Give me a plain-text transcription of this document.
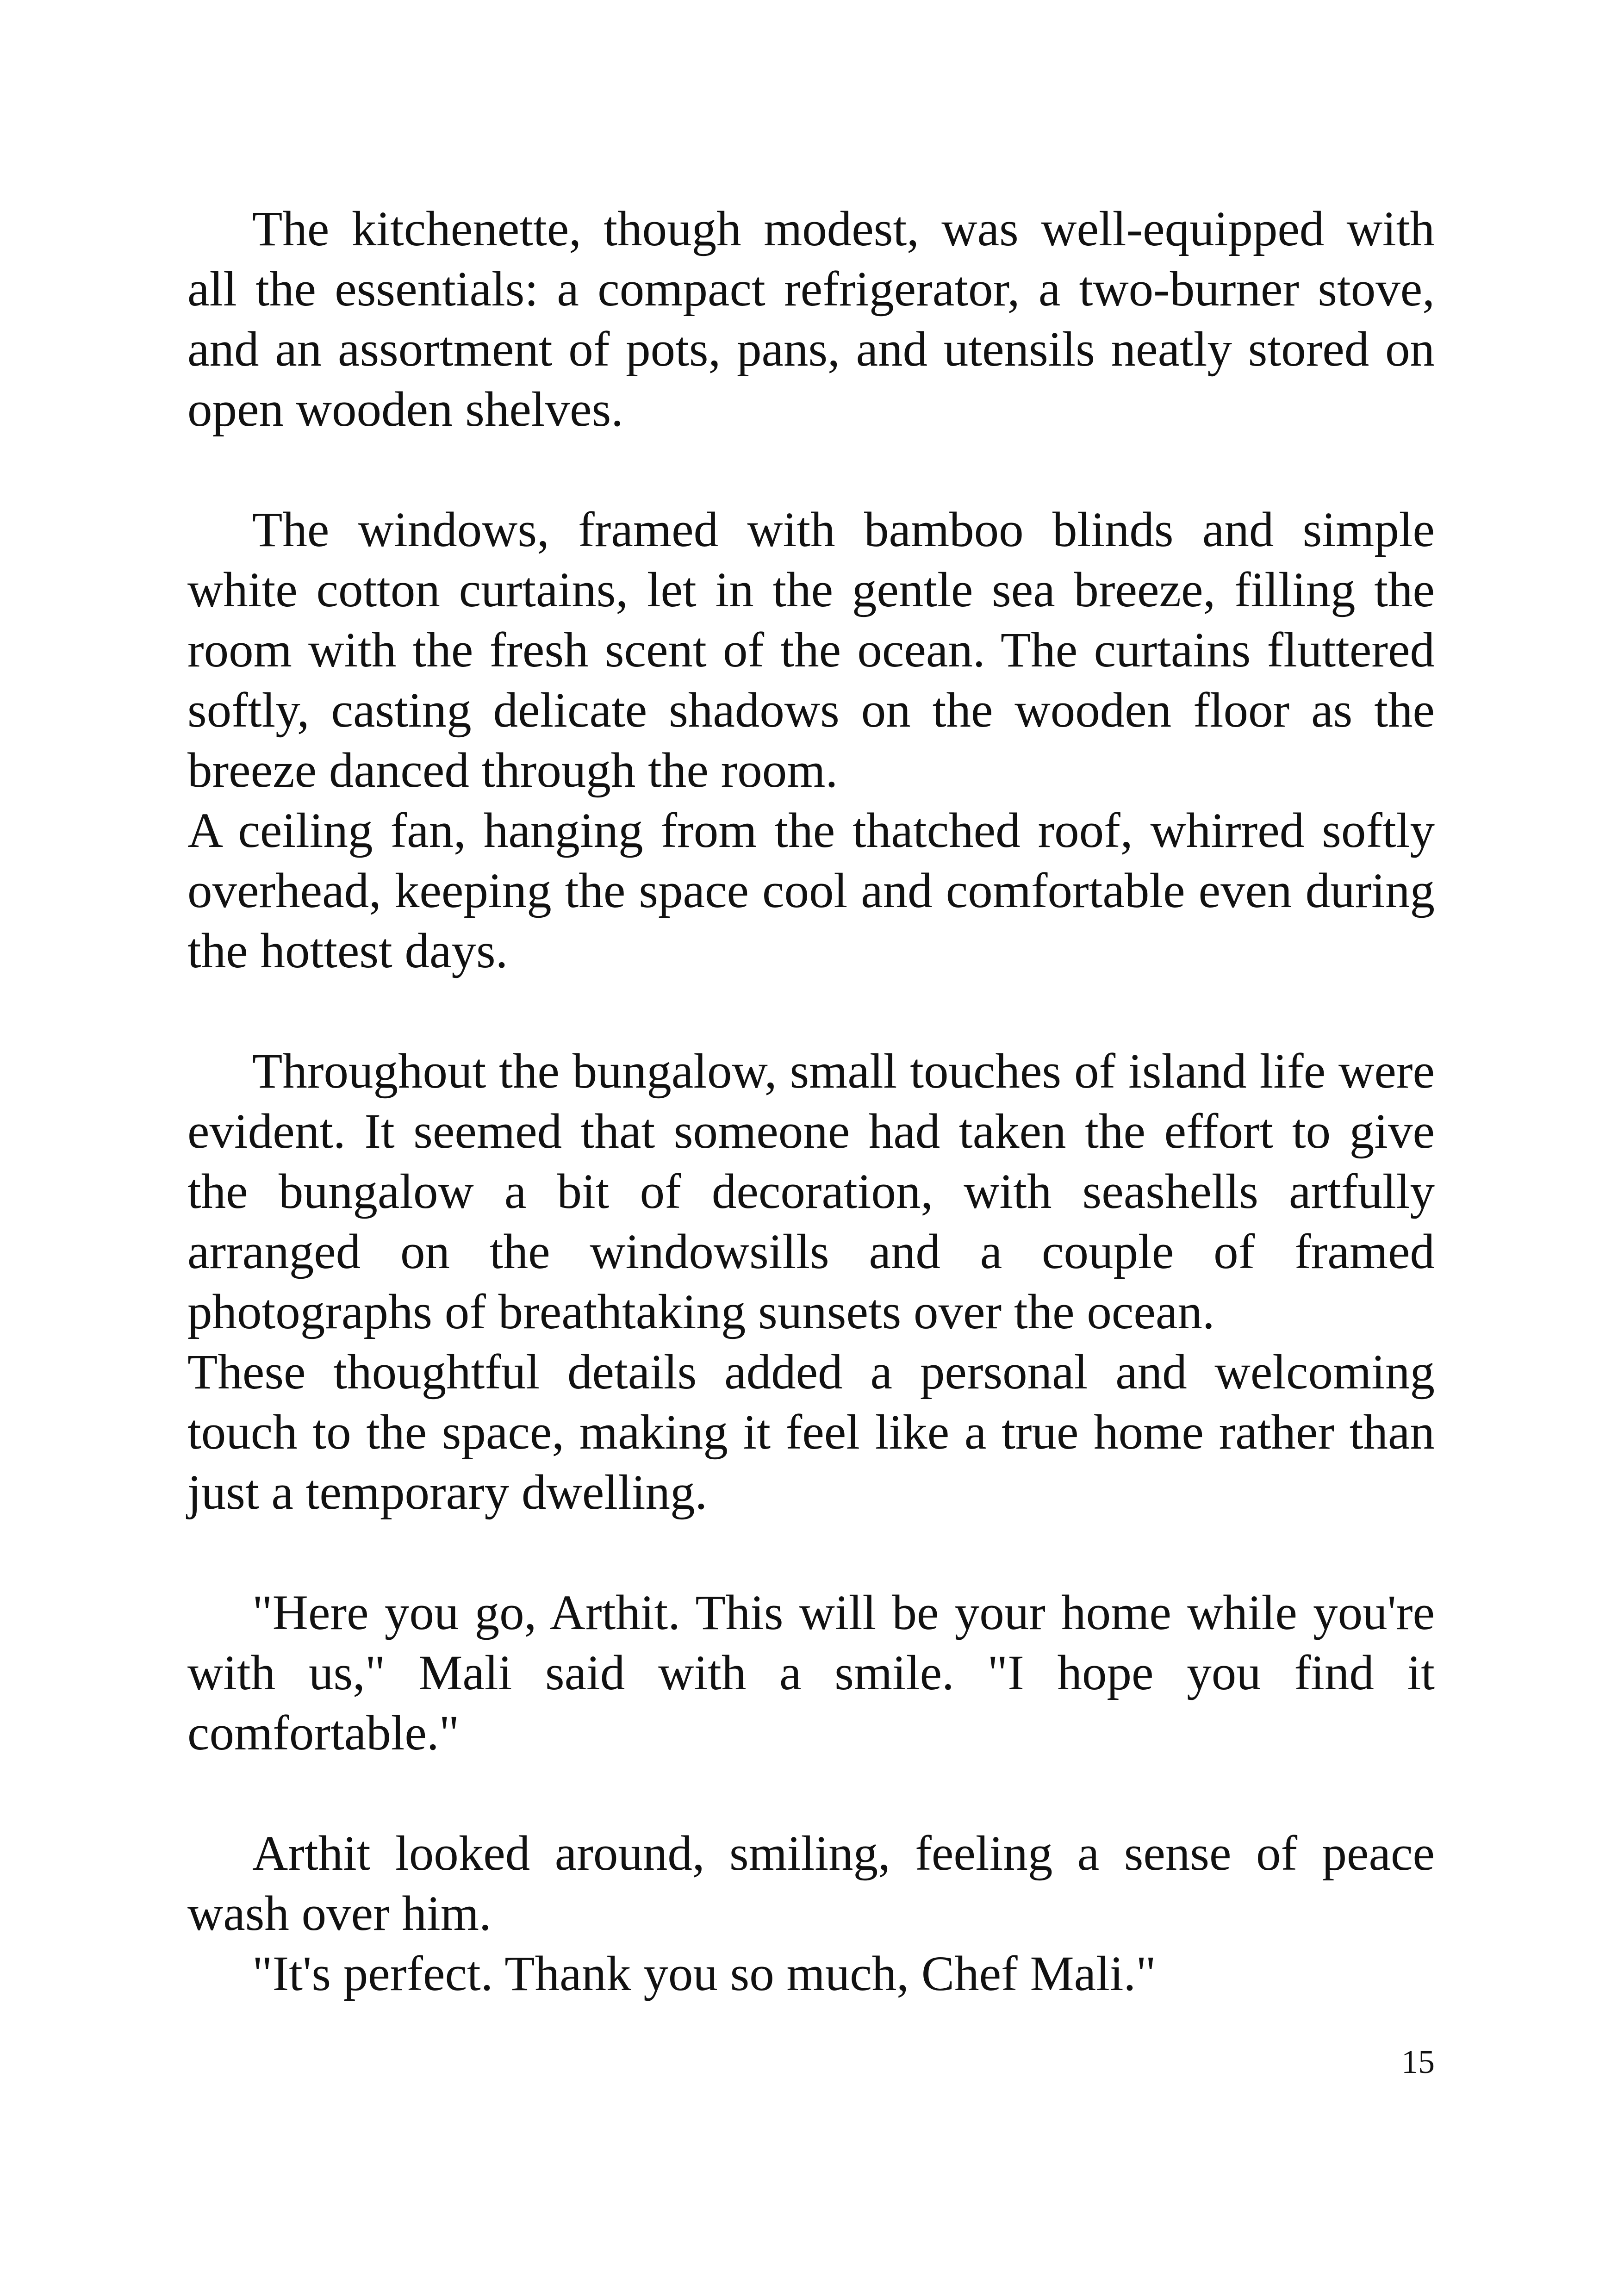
The kitchenette, though modest, was well-equipped with all the essentials: a compact refrigerator, a two-burner stove, and an assortment of pots, pans, and utensils neatly stored on open wooden shelves.

The windows, framed with bamboo blinds and simple white cotton curtains, let in the gentle sea breeze, filling the room with the fresh scent of the ocean. The curtains fluttered softly, casting delicate shadows on the wooden floor as the breeze danced through the room.

A ceiling fan, hanging from the thatched roof, whirred softly overhead, keeping the space cool and comfortable even during the hottest days.

Throughout the bungalow, small touches of island life were evident. It seemed that someone had taken the effort to give the bungalow a bit of decoration, with seashells artfully arranged on the windowsills and a couple of framed photographs of breathtaking sunsets over the ocean.

These thoughtful details added a personal and welcoming touch to the space, making it feel like a true home rather than just a temporary dwelling.

"Here you go, Arthit. This will be your home while you're with us," Mali said with a smile. "I hope you find it comfortable."

Arthit looked around, smiling, feeling a sense of peace wash over him.

"It's perfect. Thank you so much, Chef Mali."

15
